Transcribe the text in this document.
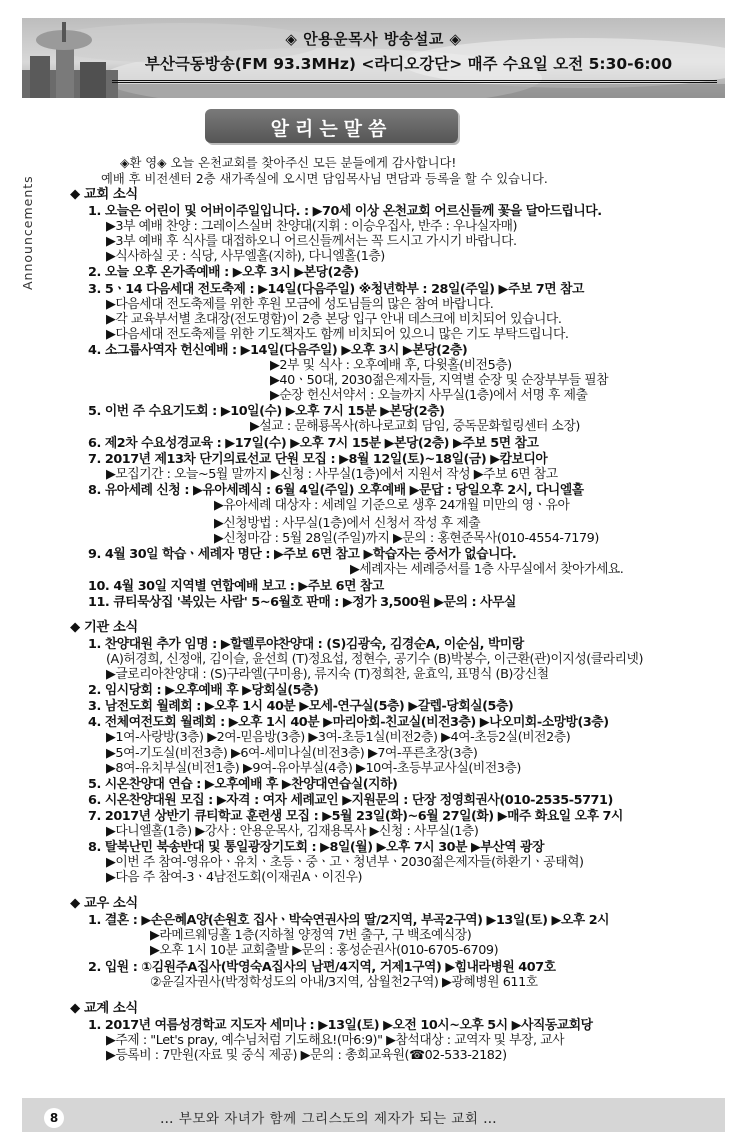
◈ 안용운목사 방송설교 ◈
부산극동방송(FM 93.3MHz) <라디오강단> 매주 수요일 오전 5:30-6:00
Announcements
알리는말씀
◈환 영◈ 오늘 온천교회를 찾아주신 모든 분들에게 감사합니다!
예배 후 비전센터 2층 새가족실에 오시면 담임목사님 면담과 등록을 할 수 있습니다.
◆ 교회 소식
1. 오늘은 어린이 및 어버이주일입니다. : ▶70세 이상 온천교회 어르신들께 꽃을 달아드립니다.
▶3부 예배 찬양 : 그레이스실버 찬양대(지휘 : 이승우집사, 반주 : 우나실자매)
▶3부 예배 후 식사를 대접하오니 어르신들께서는 꼭 드시고 가시기 바랍니다.
▶식사하실 곳 : 식당, 사무엘홀(지하), 다니엘홀(1층)
2. 오늘 오후 온가족예배 : ▶오후 3시 ▶본당(2층)
3. 5ㆍ14 다음세대 전도축제 : ▶14일(다음주일) ※청년학부 : 28일(주일) ▶주보 7면 참고
▶다음세대 전도축제를 위한 후원 모금에 성도님들의 많은 참여 바랍니다.
▶각 교육부서별 초대장(전도명함)이 2층 본당 입구 안내 데스크에 비치되어 있습니다.
▶다음세대 전도축제를 위한 기도책자도 함께 비치되어 있으니 많은 기도 부탁드립니다.
4. 소그룹사역자 헌신예배 : ▶14일(다음주일) ▶오후 3시 ▶본당(2층)
▶2부 및 식사 : 오후예배 후, 다윗홀(비전5층)
▶40ㆍ50대, 2030젊은제자들, 지역별 순장 및 순장부부들 필참
▶순장 헌신서약서 : 오늘까지 사무실(1층)에서 서명 후 제출
5. 이번 주 수요기도회 : ▶10일(수) ▶오후 7시 15분 ▶본당(2층)
▶설교 : 문해룡목사(하나로교회 담임, 중독문화힐링센터 소장)
6. 제2차 수요성경교육 : ▶17일(수) ▶오후 7시 15분 ▶본당(2층) ▶주보 5면 참고
7. 2017년 제13차 단기의료선교 단원 모집 : ▶8월 12일(토)~18일(금) ▶캄보디아
▶모집기간 : 오늘~5월 말까지 ▶신청 : 사무실(1층)에서 지원서 작성 ▶주보 6면 참고
8. 유아세례 신청 : ▶유아세례식 : 6월 4일(주일) 오후예배 ▶문답 : 당일오후 2시, 다니엘홀
▶유아세례 대상자 : 세례일 기준으로 생후 24개월 미만의 영ㆍ유아
▶신청방법 : 사무실(1층)에서 신청서 작성 후 제출
▶신청마감 : 5월 28일(주일)까지 ▶문의 : 홍현준목사(010-4554-7179)
9. 4월 30일 학습ㆍ세례자 명단 : ▶주보 6면 참고 ▶학습자는 증서가 없습니다.
▶세례자는 세례증서를 1층 사무실에서 찾아가세요.
10. 4월 30일 지역별 연합예배 보고 : ▶주보 6면 참고
11. 큐티묵상집 '복있는 사람' 5~6월호 판매 : ▶정가 3,500원 ▶문의 : 사무실
◆ 기관 소식
1. 찬양대원 추가 임명 : ▶할렐루야찬양대 : (S)김광숙, 김경순A, 이순심, 박미랑
(A)허경희, 신정애, 김이슬, 윤선희 (T)정요섭, 정현수, 공기수 (B)박봉수, 이근환(관)이지성(클라리넷)
▶글로리아찬양대 : (S)구라엘(구미용), 류지숙 (T)정희찬, 윤효익, 표명식 (B)강신철
2. 임시당회 : ▶오후예배 후 ▶당회실(5층)
3. 남전도회 월례회 : ▶오후 1시 40분 ▶모세-연구실(5층) ▶갈렙-당회실(5층)
4. 전체여전도회 월례회 : ▶오후 1시 40분 ▶마리아회-친교실(비전3층) ▶나오미회-소망방(3층)
▶1여-사랑방(3층) ▶2여-믿음방(3층) ▶3여-초등1실(비전2층) ▶4여-초등2실(비전2층)
▶5여-기도실(비전3층) ▶6여-세미나실(비전3층) ▶7여-푸른초장(3층)
▶8여-유치부실(비전1층) ▶9여-유아부실(4층) ▶10여-초등부교사실(비전3층)
5. 시온찬양대 연습 : ▶오후예배 후 ▶찬양대연습실(지하)
6. 시온찬양대원 모집 : ▶자격 : 여자 세례교인 ▶지원문의 : 단장 정영희권사(010-2535-5771)
7. 2017년 상반기 큐티학교 훈련생 모집 : ▶5월 23일(화)~6월 27일(화) ▶매주 화요일 오후 7시
▶다니엘홀(1층) ▶강사 : 안용운목사, 김재용목사 ▶신청 : 사무실(1층)
8. 탈북난민 북송반대 및 통일광장기도회 : ▶8일(월) ▶오후 7시 30분 ▶부산역 광장
▶이번 주 참여-영유아ㆍ유치ㆍ초등ㆍ중ㆍ고ㆍ청년부ㆍ2030젊은제자들(하환기ㆍ공태혁)
▶다음 주 참여-3ㆍ4남전도회(이재권Aㆍ이진우)
◆ 교우 소식
1. 결혼 : ▶손은혜A양(손원호 집사ㆍ박숙연권사의 딸/2지역, 부곡2구역) ▶13일(토) ▶오후 2시
▶라메르웨딩홀 1층(지하철 양정역 7번 출구, 구 백조예식장)
▶오후 1시 10분 교회출발 ▶문의 : 홍성순권사(010-6705-6709)
2. 입원 : ①김원주A집사(박영숙A집사의 남편/4지역, 거제1구역) ▶힘내라병원 407호
②윤길자권사(박정학성도의 아내/3지역, 삼월천2구역) ▶광혜병원 611호
◆ 교계 소식
1. 2017년 여름성경학교 지도자 세미나 : ▶13일(토) ▶오전 10시~오후 5시 ▶사직동교회당
▶주제 : "Let's pray, 예수님처럼 기도해요!(마6:9)" ▶참석대상 : 교역자 및 부장, 교사
▶등록비 : 7만원(자료 및 중식 제공) ▶문의 : 총회교육원(☎02-533-2182)
8	… 부모와 자녀가 함께 그리스도의 제자가 되는 교회 …
